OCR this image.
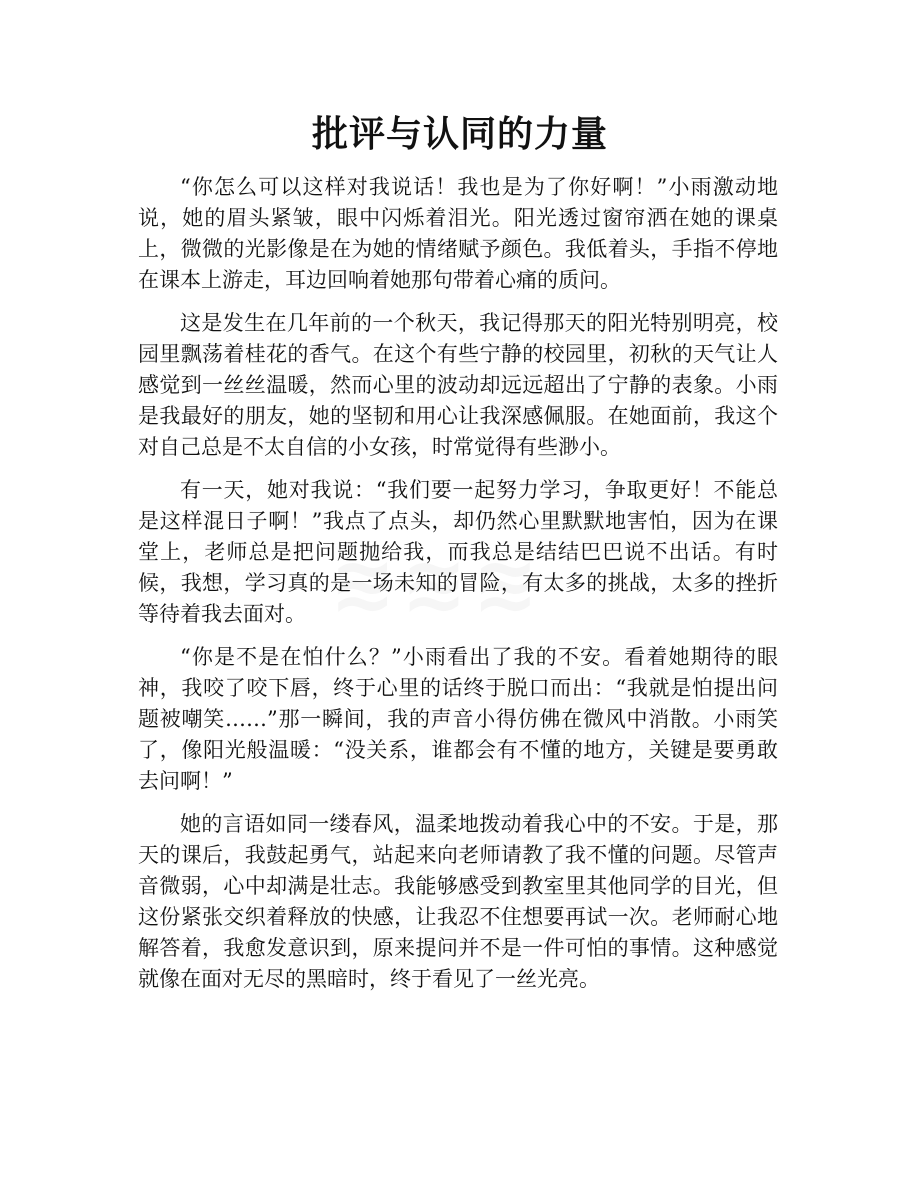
批评与认同的力量

“你怎么可以这样对我说话！我也是为了你好啊！”小雨激动地说，她的眉头紧皱，眼中闪烁着泪光。阳光透过窗帘洒在她的课桌上，微微的光影像是在为她的情绪赋予颜色。我低着头，手指不停地在课本上游走，耳边回响着她那句带着心痛的质问。

这是发生在几年前的一个秋天，我记得那天的阳光特别明亮，校园里飘荡着桂花的香气。在这个有些宁静的校园里，初秋的天气让人感觉到一丝丝温暖，然而心里的波动却远远超出了宁静的表象。小雨是我最好的朋友，她的坚韧和用心让我深感佩服。在她面前，我这个对自己总是不太自信的小女孩，时常觉得有些渺小。

有一天，她对我说：“我们要一起努力学习，争取更好！不能总是这样混日子啊！”我点了点头，却仍然心里默默地害怕，因为在课堂上，老师总是把问题抛给我，而我总是结结巴巴说不出话。有时候，我想，学习真的是一场未知的冒险，有太多的挑战，太多的挫折等待着我去面对。

“你是不是在怕什么？”小雨看出了我的不安。看着她期待的眼神，我咬了咬下唇，终于心里的话终于脱口而出：“我就是怕提出问题被嘲笑……”那一瞬间，我的声音小得仿佛在微风中消散。小雨笑了，像阳光般温暖：“没关系，谁都会有不懂的地方，关键是要勇敢去问啊！”

她的言语如同一缕春风，温柔地拨动着我心中的不安。于是，那天的课后，我鼓起勇气，站起来向老师请教了我不懂的问题。尽管声音微弱，心中却满是壮志。我能够感受到教室里其他同学的目光，但这份紧张交织着释放的快感，让我忍不住想要再试一次。老师耐心地解答着，我愈发意识到，原来提问并不是一件可怕的事情。这种感觉就像在面对无尽的黑暗时，终于看见了一丝光亮。
